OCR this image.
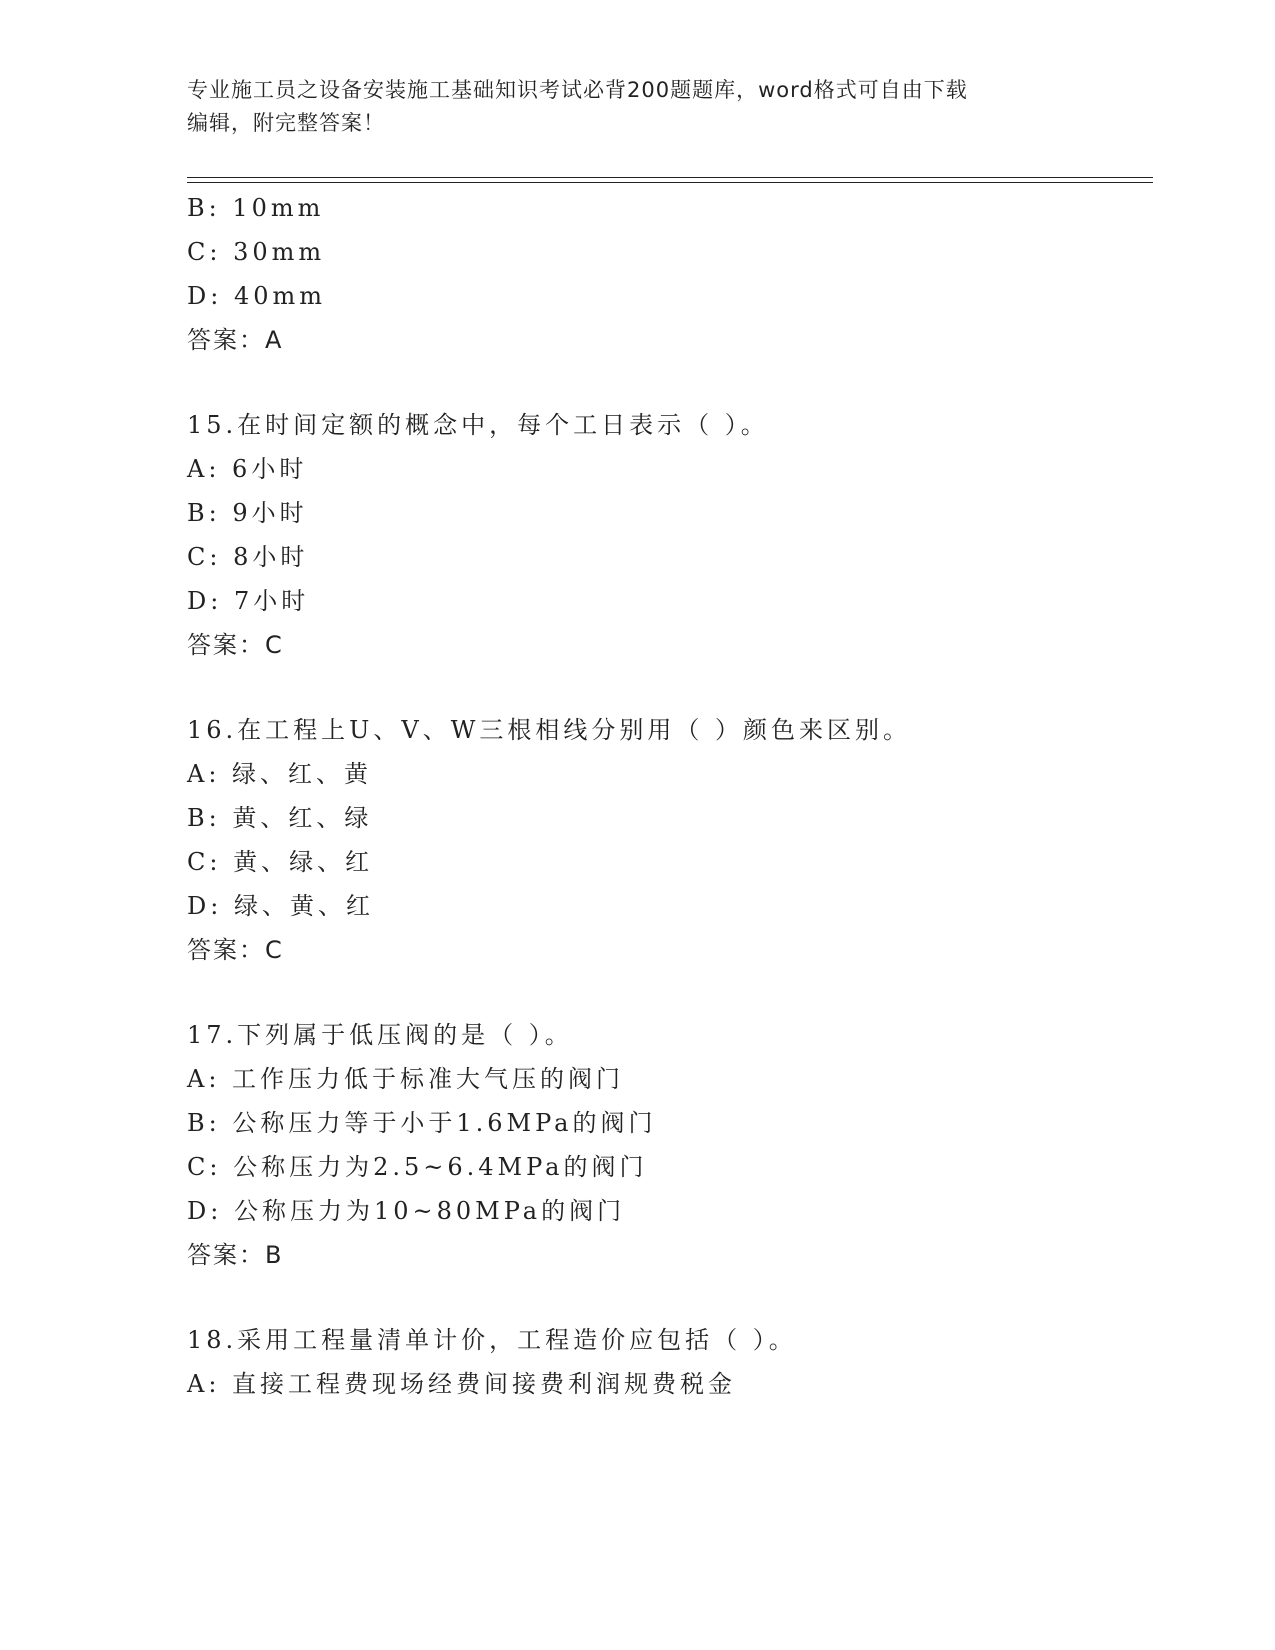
专业施工员之设备安装施工基础知识考试必背200题题库，word格式可自由下载
编辑，附完整答案！
B: 10mm
C: 30mm
D: 40mm
答案：A
15.在时间定额的概念中，每个工日表示（ ）。
A: 6小时
B: 9小时
C: 8小时
D: 7小时
答案：C
16.在工程上U、V、W三根相线分别用（ ）颜色来区别。
A: 绿、红、黄
B: 黄、红、绿
C: 黄、绿、红
D: 绿、黄、红
答案：C
17.下列属于低压阀的是（ ）。
A: 工作压力低于标准大气压的阀门
B: 公称压力等于小于1.6MPa的阀门
C: 公称压力为2.5~6.4MPa的阀门
D: 公称压力为10~80MPa的阀门
答案：B
18.采用工程量清单计价，工程造价应包括（ ）。
A: 直接工程费现场经费间接费利润规费税金
